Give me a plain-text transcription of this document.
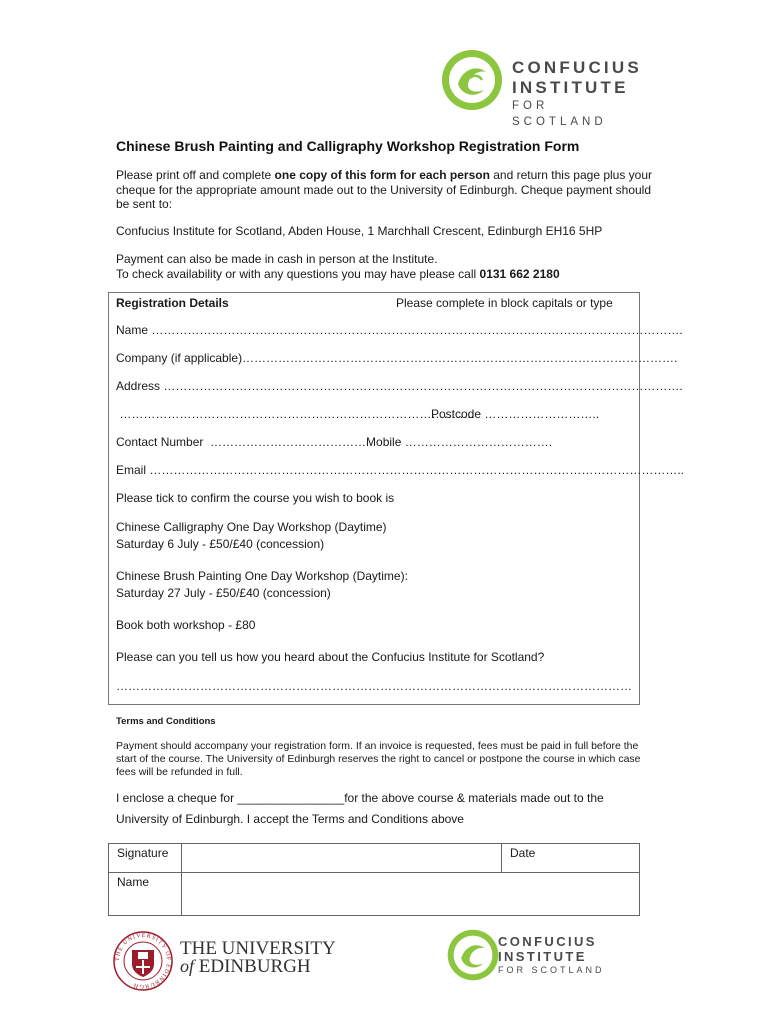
CONFUCIUS
INSTITUTE
FOR SCOTLAND
Chinese Brush Painting and Calligraphy Workshop Registration Form
Please print off and complete one copy of this form for each person and return this page plus your cheque for the appropriate amount made out to the University of Edinburgh. Cheque payment should be sent to:
Confucius Institute for Scotland, Abden House, 1 Marchhall Crescent, Edinburgh EH16 5HP
Payment can also be made in cash in person at the Institute.
To check availability or with any questions you may have please call 0131 662 2180
Registration Details	Please complete in block capitals or type
Name …………………………………………………………………………………………………………………….
Company (if applicable)……………………………………………………………………………………………….
Address ………………………………………………………………………………………………………………….
……………………………………………………………………………..
Postcode ………………………..
Contact Number  …………………………………Mobile ……………………………….
Email ……………………………………………………………………………………………………………………..
Please tick to confirm the course you wish to book is
Chinese Calligraphy One Day Workshop (Daytime)
Saturday 6 July - £50/£40 (concession)
Chinese Brush Painting One Day Workshop (Daytime):
Saturday 27 July - £50/£40 (concession)
Book both workshop - £80
Please can you tell us how you heard about the Confucius Institute for Scotland?
…………………………………………………………………………………………………………………
Terms and Conditions
Payment should accompany your registration form. If an invoice is requested, fees must be paid in full before the start of the course. The University of Edinburgh reserves the right to cancel or postpone the course in which case fees will be refunded in full.
I enclose a cheque for ________________for the above course & materials made out to the University of Edinburgh. I accept the Terms and Conditions above
Signature		Date
Name		
THE UNIVERSITY OF EDINBURGH
THE UNIVERSITY
of EDINBURGH
CONFUCIUS
INSTITUTE
FOR SCOTLAND
